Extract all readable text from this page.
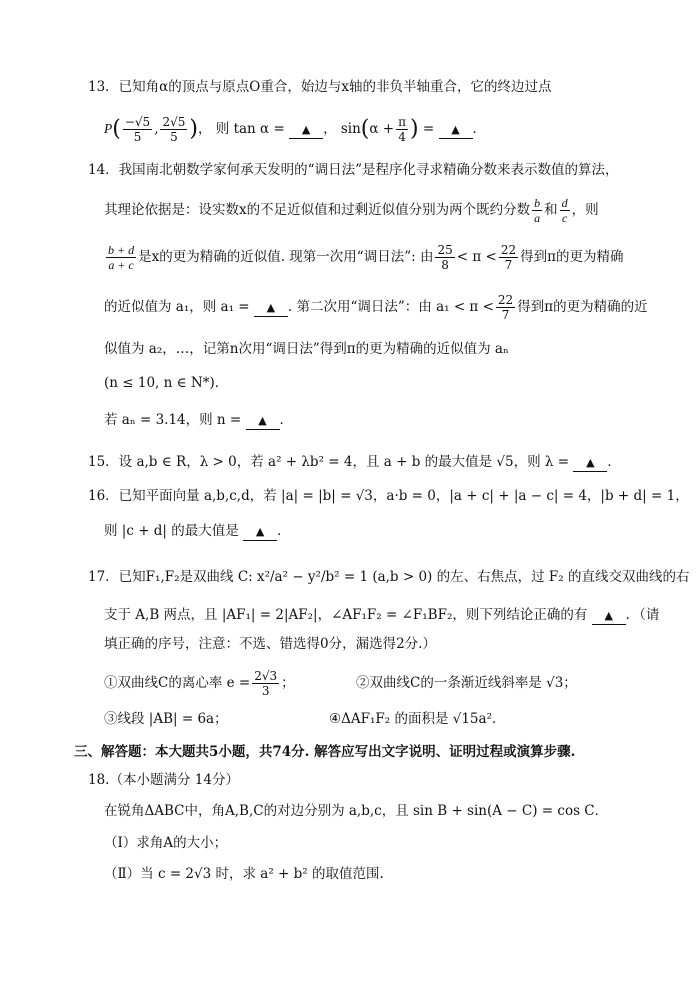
13．已知角α的顶点与原点O重合，始边与x轴的非负半轴重合，它的终边过点
$P( \frac{-√5}{5}$ , $\frac{2√5}{5}$ )， 则 tan α = ▲ ， $\sin(\alpha + \frac{\pi}{4}$ ) = ▲ ．
14．我国南北朝数学家何承天发明的“调日法”是程序化寻求精确分数来表示数值的算法，
其理论依据是：设实数x的不足近似值和过剩近似值分别为两个既约分数 $\frac{b}{a}$ 和 $\frac{d}{c}$ ，则
$\frac{b + d}{a + c}$ 是x的更为精确的近似值. 现第一次用“调日法”: 由 $\frac{25}{8} < \pi < \frac{22}{7}$ 得到π的更为精确
的近似值为 a₁，则 a₁ = ▲ . 第二次用“调日法”：由 $a_1 < \pi < \frac{22}{7}$ 得到π的更为精确的近
似值为 a₂，…，记第n次用“调日法”得到π的更为精确的近似值为 aₙ
(n ≤ 10, n ∈ N*)．
若 aₙ = 3.14，则 n = ▲ ．
15．设 a,b ∈ R，λ > 0，若 a² + λb² = 4，且 a + b 的最大值是 √5，则 λ = ▲ ．
16．已知平面向量 a,b,c,d，若 |a| = |b| = √3，a·b = 0，|a + c| + |a − c| = 4，|b + d| = 1，
则 |c + d| 的最大值是 ▲ ．
17．已知F₁,F₂是双曲线 C: x²/a² − y²/b² = 1 (a,b > 0) 的左、右焦点，过 F₂ 的直线交双曲线的右
支于 A,B 两点，且 |AF₁| = 2|AF₂|，∠AF₁F₂ = ∠F₁BF₂，则下列结论正确的有 ▲ ．（请
填正确的序号，注意：不选、错选得0分，漏选得2分.）
①双曲线C的离心率 $e = \frac{2√3}{3}$ ；	②双曲线C的一条渐近线斜率是 √3；
③线段 |AB| = 6a；	④ΔAF₁F₂ 的面积是 √15a²．
三、解答题：本大题共5小题，共74分. 解答应写出文字说明、证明过程或演算步骤.
18.（本小题满分 14分）
在锐角ΔABC中，角A,B,C的对边分别为 a,b,c，且 sin B + sin(A − C) = cos C．
（Ⅰ）求角A的大小；
（Ⅱ）当 c = 2√3 时，求 a² + b² 的取值范围.
